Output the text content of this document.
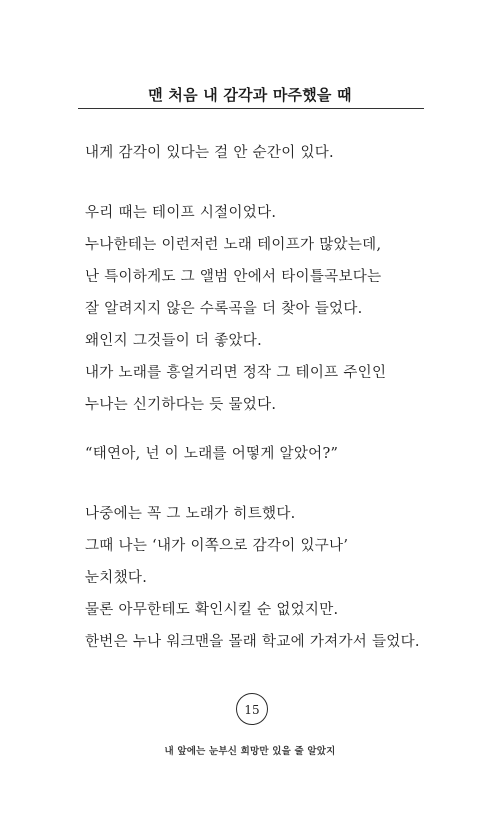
맨 처음 내 감각과 마주했을 때
내게 감각이 있다는 걸 안 순간이 있다.
우리 때는 테이프 시절이었다.
누나한테는 이런저런 노래 테이프가 많았는데,
난 특이하게도 그 앨범 안에서 타이틀곡보다는
잘 알려지지 않은 수록곡을 더 찾아 들었다.
왜인지 그것들이 더 좋았다.
내가 노래를 흥얼거리면 정작 그 테이프 주인인
누나는 신기하다는 듯 물었다.
“태연아, 넌 이 노래를 어떻게 알았어?”
나중에는 꼭 그 노래가 히트했다.
그때 나는 ‘내가 이쪽으로 감각이 있구나’
눈치챘다.
물론 아무한테도 확인시킬 순 없었지만.
한번은 누나 워크맨을 몰래 학교에 가져가서 들었다.
15
내 앞에는 눈부신 희망만 있을 줄 알았지
